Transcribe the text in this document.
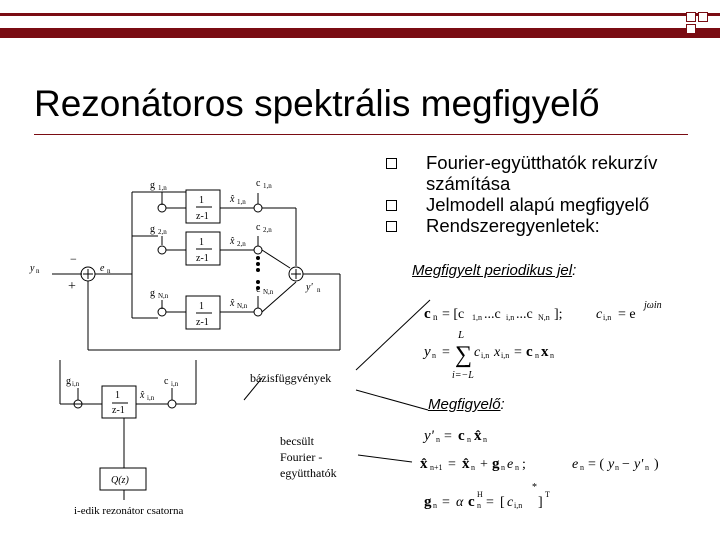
Rezonátoros spektrális megfigyelő
Fourier-együtthatók rekurzív számítása
Jelmodell alapú megfigyelő
Rendszeregyenletek:
Megfigyelt periodikus jel:
Megfigyelő:
g 1,n
g 2,n
g N,n
c 1,n
c 2,n
c N,n
x̂ 1,n
x̂ 2,n
x̂ N,n
1
z-1
1
z-1
1
z-1
y n	e n
y' n
+
−
g i,n	c i,n
x̂ i,n
1
z-1
Q(z)
i-edik rezonátor csatorna
bázisfüggvények
becsült
Fourier -
együtthatók
c n = [c 1,n ...c i,n ...c N,n ]; c i,n = e
jωin
L
y n = ∑ c i,n x i,n = c n x n
i=−L
y' n = c n x̂ n
x̂ n+1 = x̂ n + g n e n ;	e n = ( y n − y' n )
g n = α c H
n = [ c i,n
*
]
T
